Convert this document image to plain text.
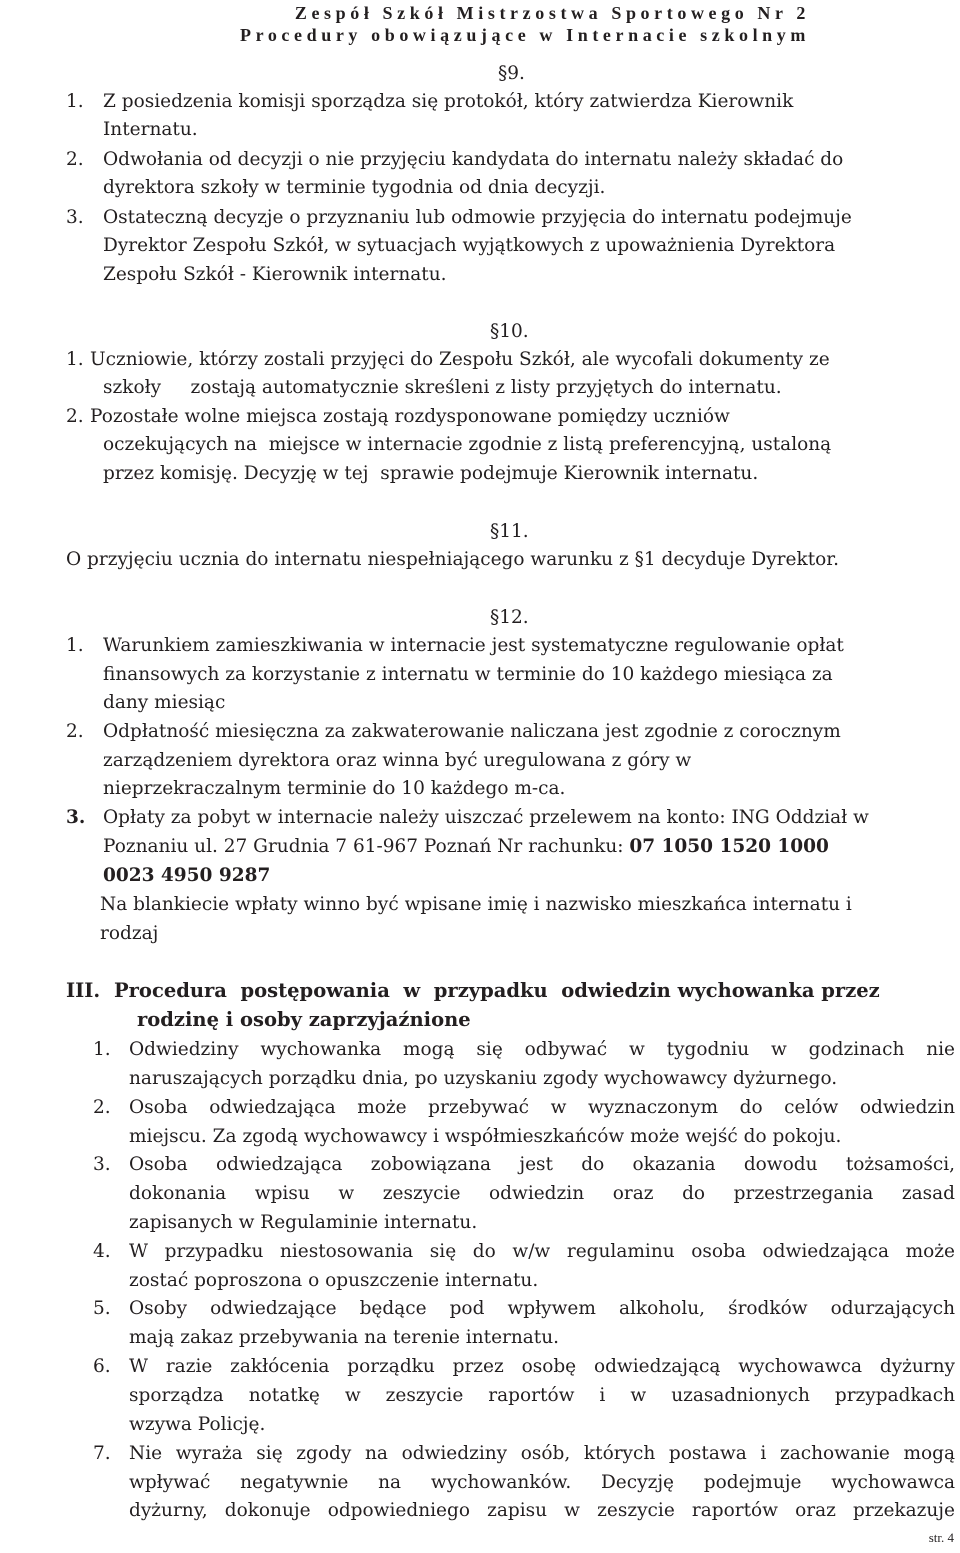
Zespół Szkół Mistrzostwa Sportowego Nr 2
Procedury obowiązujące w Internacie szkolnym
§9.
1. Z posiedzenia komisji sporządza się protokół, który zatwierdza Kierownik
Internatu.
2. Odwołania od decyzji o nie przyjęciu kandydata do internatu należy składać do
dyrektora szkoły w terminie tygodnia od dnia decyzji.
3. Ostateczną decyzje o przyznaniu lub odmowie przyjęcia do internatu podejmuje
Dyrektor Zespołu Szkół, w sytuacjach wyjątkowych z upoważnienia Dyrektora
Zespołu Szkół - Kierownik internatu.
§10.
1. Uczniowie, którzy zostali przyjęci do Zespołu Szkół, ale wycofali dokumenty ze
szkoły     zostają automatycznie skreśleni z listy przyjętych do internatu.
2. Pozostałe wolne miejsca zostają rozdysponowane pomiędzy uczniów
oczekujących na  miejsce w internacie zgodnie z listą preferencyjną, ustaloną
przez komisję. Decyzję w tej  sprawie podejmuje Kierownik internatu.
§11.
O przyjęciu ucznia do internatu niespełniającego warunku z §1 decyduje Dyrektor.
§12.
1. Warunkiem zamieszkiwania w internacie jest systematyczne regulowanie opłat
finansowych za korzystanie z internatu w terminie do 10 każdego miesiąca za
dany miesiąc
2. Odpłatność miesięczna za zakwaterowanie naliczana jest zgodnie z corocznym
zarządzeniem dyrektora oraz winna być uregulowana z góry w
nieprzekraczalnym terminie do 10 każdego m-ca.
3. Opłaty za pobyt w internacie należy uiszczać przelewem na konto: ING Oddział w
Poznaniu ul. 27 Grudnia 7 61-967 Poznań Nr rachunku: 07 1050 1520 1000
0023 4950 9287
Na blankiecie wpłaty winno być wpisane imię i nazwisko mieszkańca internatu i
rodzaj
III. Procedura  postępowania  w  przypadku  odwiedzin wychowanka przez
rodzinę i osoby zaprzyjaźnione
1. Odwiedziny wychowanka mogą się odbywać w tygodniu w godzinach nie
naruszających porządku dnia, po uzyskaniu zgody wychowawcy dyżurnego.
2. Osoba odwiedzająca może przebywać w wyznaczonym do celów odwiedzin
miejscu. Za zgodą wychowawcy i współmieszkańców może wejść do pokoju.
3. Osoba odwiedzająca zobowiązana jest do okazania dowodu tożsamości,
dokonania wpisu w zeszycie odwiedzin oraz do przestrzegania zasad
zapisanych w Regulaminie internatu.
4. W przypadku niestosowania się do w/w regulaminu osoba odwiedzająca może
zostać poproszona o opuszczenie internatu.
5. Osoby odwiedzające będące pod wpływem alkoholu, środków odurzających
mają zakaz przebywania na terenie internatu.
6. W razie zakłócenia porządku przez osobę odwiedzającą wychowawca dyżurny
sporządza notatkę w zeszycie raportów i w uzasadnionych przypadkach
wzywa Policję.
7. Nie wyraża się zgody na odwiedziny osób, których postawa i zachowanie mogą
wpływać negatywnie na wychowanków. Decyzję podejmuje wychowawca
dyżurny, dokonuje odpowiedniego zapisu w zeszycie raportów oraz przekazuje
str. 4
